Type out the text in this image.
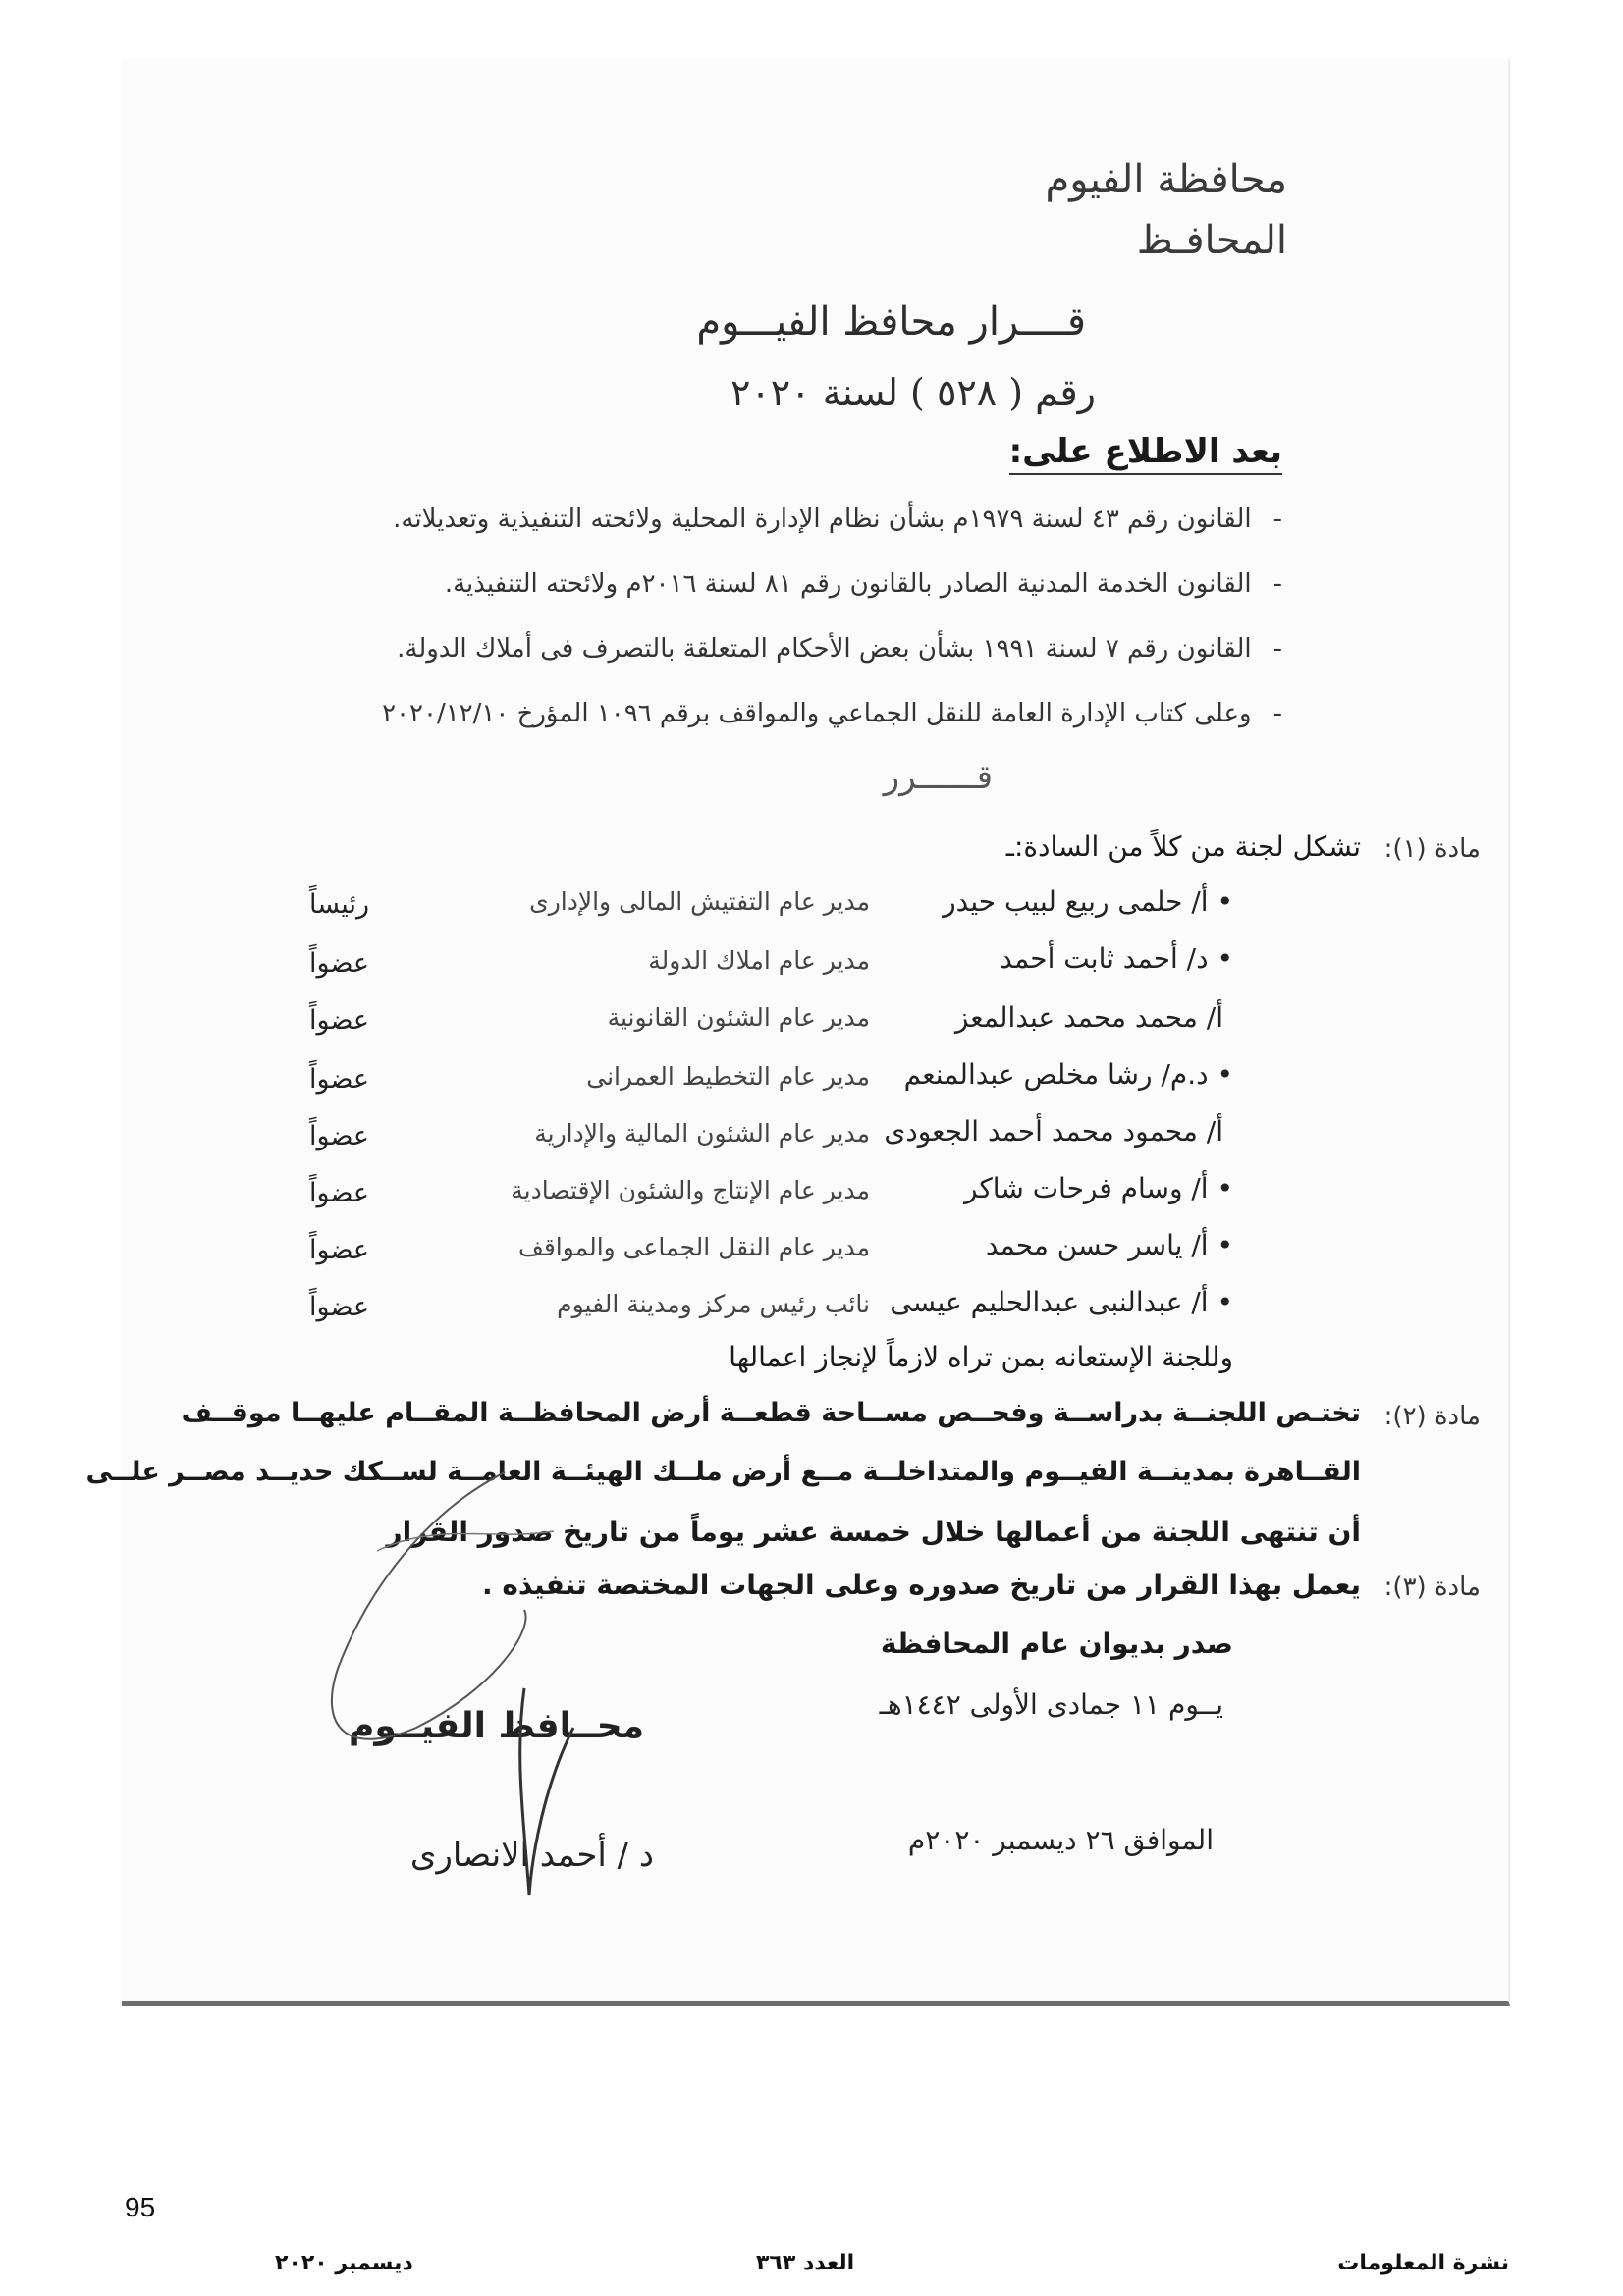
محافظة الفيوم
المحافـظ
قــــرار محافظ الفيـــوم
رقم ( ٥٢٨ ) لسنة ٢٠٢٠
بعد الاطلاع على:
-القانون رقم ٤٣ لسنة ١٩٧٩م بشأن نظام الإدارة المحلية ولائحته التنفيذية وتعديلاته.
-القانون الخدمة المدنية الصادر بالقانون رقم ٨١ لسنة ٢٠١٦م ولائحته التنفيذية.
-القانون رقم ٧ لسنة ١٩٩١ بشأن بعض الأحكام المتعلقة بالتصرف فى أملاك الدولة.
-وعلى كتاب الإدارة العامة للنقل الجماعي والمواقف برقم ١٠٩٦ المؤرخ ٢٠٢٠/١٢/١٠
قــــــرر
مادة (١):
تشكل لجنة من كلاً من السادة:ـ
• أ/ حلمى ربيع لبيب حيدر
مدير عام التفتيش المالى والإدارى
رئيساً
• د/ أحمد ثابت أحمد
مدير عام املاك الدولة
عضواً
أ/ محمد محمد عبدالمعز
مدير عام الشئون القانونية
عضواً
• د.م/ رشا مخلص عبدالمنعم
مدير عام التخطيط العمرانى
عضواً
أ/ محمود محمد أحمد الجعودى
مدير عام الشئون المالية والإدارية
عضواً
• أ/ وسام فرحات شاكر
مدير عام الإنتاج والشئون الإقتصادية
عضواً
• أ/ ياسر حسن محمد
مدير عام النقل الجماعى والمواقف
عضواً
• أ/ عبدالنبى عبدالحليم عيسى
نائب رئيس مركز ومدينة الفيوم
عضواً
وللجنة الإستعانه بمن تراه لازماً لإنجاز اعمالها
مادة (٢):
تختـص اللجنــة بدراســة وفحــص مســاحة قطعــة أرض المحافظــة المقــام عليهــا موقــف
القــاهرة بمدينــة الفيــوم والمتداخلــة مــع أرض ملــك الهيئــة العامــة لســكك حديــد مصــر علــى
أن تنتهى اللجنة من أعمالها خلال خمسة عشر يوماً من تاريخ صدور القرار
مادة (٣):
يعمل بهذا القرار من تاريخ صدوره وعلى الجهات المختصة تنفيذه .
صدر بديوان عام المحافظة
يــوم ١١ جمادى الأولى ١٤٤٢هـ
الموافق ٢٦ ديسمبر ٢٠٢٠م
محــافظ الفيــوم
د / أحمد الانصارى
95
نشرة المعلومات
العدد ٣٦٣
ديسمبر ٢٠٢٠
